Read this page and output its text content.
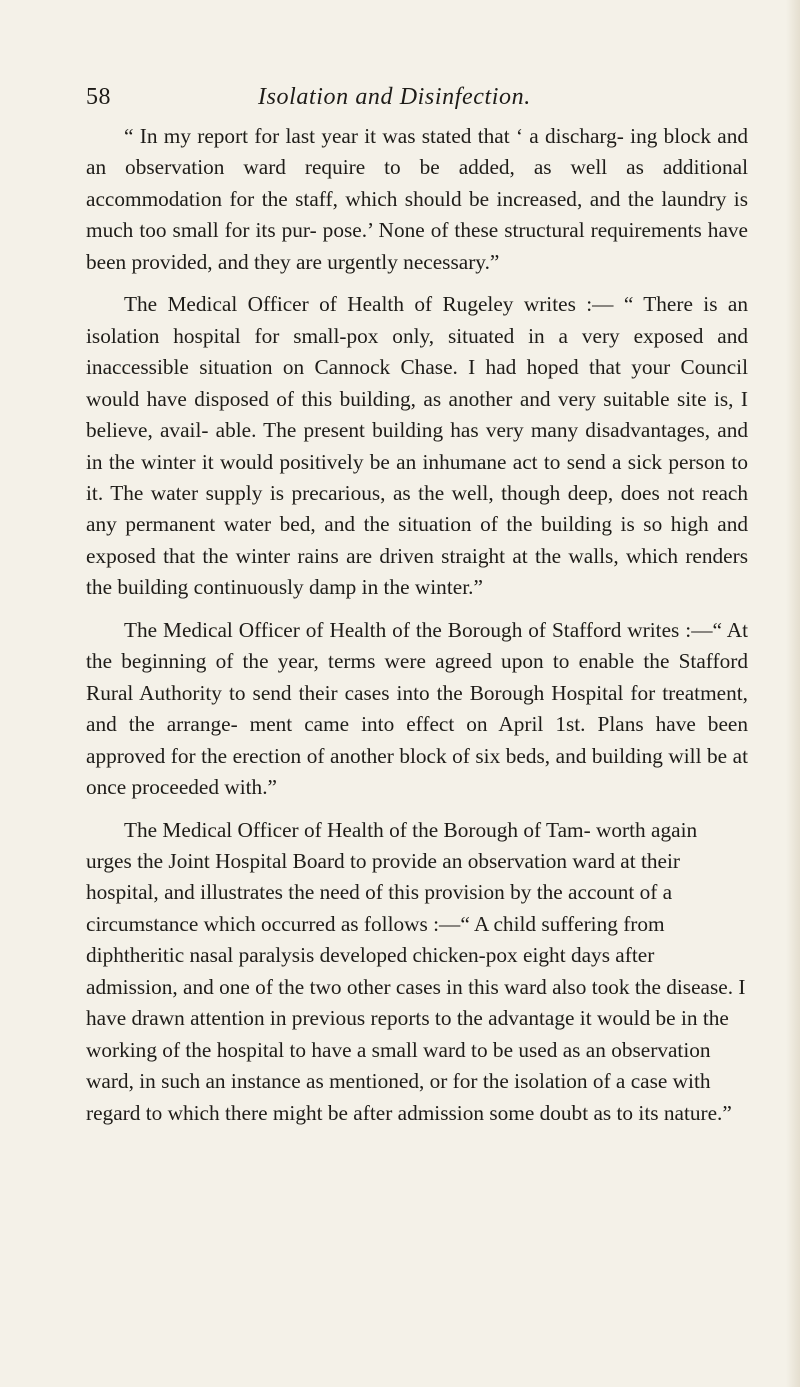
58	Isolation and Disinfection.

“ In my report for last year it was stated that ‘ a discharg- ing block and an observation ward require to be added, as well as additional accommodation for the staff, which should be increased, and the laundry is much too small for its pur- pose.’ None of these structural requirements have been provided, and they are urgently necessary.”

The Medical Officer of Health of Rugeley writes :— “ There is an isolation hospital for small-pox only, situated in a very exposed and inaccessible situation on Cannock Chase. I had hoped that your Council would have disposed of this building, as another and very suitable site is, I believe, avail- able. The present building has very many disadvantages, and in the winter it would positively be an inhumane act to send a sick person to it. The water supply is precarious, as the well, though deep, does not reach any permanent water bed, and the situation of the building is so high and exposed that the winter rains are driven straight at the walls, which renders the building continuously damp in the winter.”

The Medical Officer of Health of the Borough of Stafford writes :—“ At the beginning of the year, terms were agreed upon to enable the Stafford Rural Authority to send their cases into the Borough Hospital for treatment, and the arrange- ment came into effect on April 1st. Plans have been approved for the erection of another block of six beds, and building will be at once proceeded with.”

The Medical Officer of Health of the Borough of Tam- worth again urges the Joint Hospital Board to provide an observation ward at their hospital, and illustrates the need of this provision by the account of a circumstance which occurred as follows :—“ A child suffering from diphtheritic nasal paralysis developed chicken-pox eight days after admission, and one of the two other cases in this ward also took the disease. I have drawn attention in previous reports to the advantage it would be in the working of the hospital to have a small ward to be used as an observation ward, in such an instance as mentioned, or for the isolation of a case with regard to which there might be after admission some doubt as to its nature.”
